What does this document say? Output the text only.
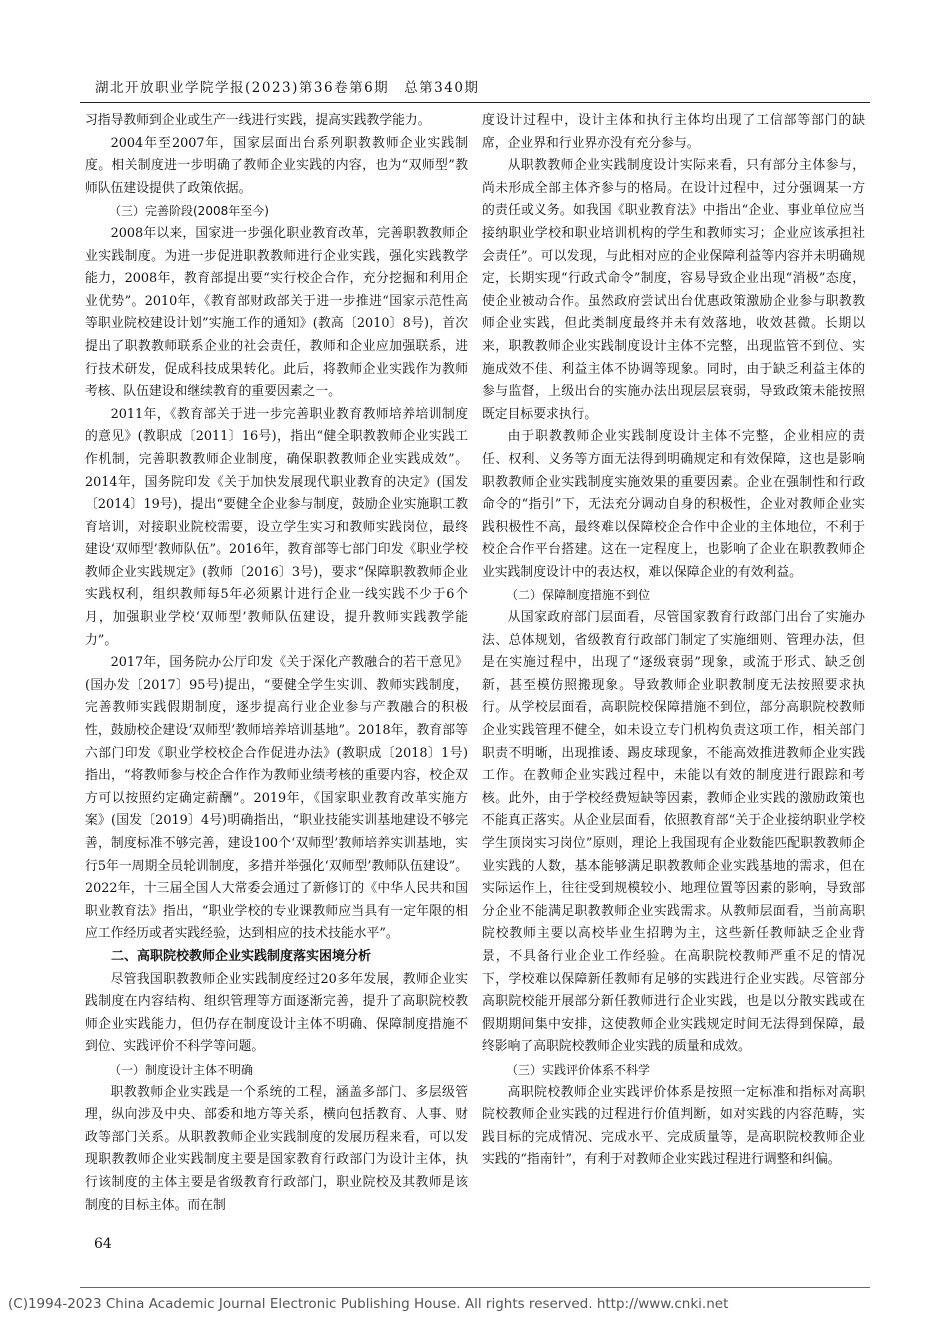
湖北开放职业学院学报(2023)第36卷第6期　总第340期

习指导教师到企业或生产一线进行实践，提高实践教学能力。

2004年至2007年，国家层面出台系列职教教师企业实践制度。相关制度进一步明确了教师企业实践的内容，也为“双师型”教师队伍建设提供了政策依据。

（三）完善阶段(2008年至今)

2008年以来，国家进一步强化职业教育改革，完善职教教师企业实践制度。为进一步促进职教教师进行企业实践，强化实践教学能力，2008年，教育部提出要“实行校企合作，充分挖掘和利用企业优势”。2010年，《教育部财政部关于进一步推进“国家示范性高等职业院校建设计划”实施工作的通知》(教高〔2010〕8号)，首次提出了职教教师联系企业的社会责任，教师和企业应加强联系，进行技术研发，促成科技成果转化。此后，将教师企业实践作为教师考核、队伍建设和继续教育的重要因素之一。

2011年，《教育部关于进一步完善职业教育教师培养培训制度的意见》(教职成〔2011〕16号)，指出“健全职教教师企业实践工作机制，完善职教教师企业制度，确保职教教师企业实践成效”。2014年，国务院印发《关于加快发展现代职业教育的决定》(国发〔2014〕19号)，提出“要健全企业参与制度，鼓励企业实施职工教育培训，对接职业院校需要，设立学生实习和教师实践岗位，最终建设‘双师型’教师队伍”。2016年，教育部等七部门印发《职业学校教师企业实践规定》(教师〔2016〕3号)，要求“保障职教教师企业实践权利，组织教师每5年必须累计进行企业一线实践不少于6个月，加强职业学校‘双师型’教师队伍建设，提升教师实践教学能力”。

2017年，国务院办公厅印发《关于深化产教融合的若干意见》(国办发〔2017〕95号)提出，“要健全学生实训、教师实践制度，完善教师实践假期制度，逐步提高行业企业参与产教融合的积极性，鼓励校企建设‘双师型’教师培养培训基地”。2018年，教育部等六部门印发《职业学校校企合作促进办法》(教职成〔2018〕1号)指出，“将教师参与校企合作作为教师业绩考核的重要内容，校企双方可以按照约定确定薪酬”。2019年，《国家职业教育改革实施方案》(国发〔2019〕4号)明确指出，“职业技能实训基地建设不够完善，制度标准不够完善，建设100个‘双师型’教师培养实训基地，实行5年一周期全员轮训制度，多措并举强化‘双师型’教师队伍建设”。2022年，十三届全国人大常委会通过了新修订的《中华人民共和国职业教育法》指出，“职业学校的专业课教师应当具有一定年限的相应工作经历或者实践经验，达到相应的技术技能水平”。

二、高职院校教师企业实践制度落实困境分析

尽管我国职教教师企业实践制度经过20多年发展，教师企业实践制度在内容结构、组织管理等方面逐渐完善，提升了高职院校教师企业实践能力，但仍存在制度设计主体不明确、保障制度措施不到位、实践评价不科学等问题。

（一）制度设计主体不明确

职教教师企业实践是一个系统的工程，涵盖多部门、多层级管理，纵向涉及中央、部委和地方等关系，横向包括教育、人事、财政等部门关系。从职教教师企业实践制度的发展历程来看，可以发现职教教师企业实践制度主要是国家教育行政部门为设计主体，执行该制度的主体主要是省级教育行政部门，职业院校及其教师是该制度的目标主体。而在制

度设计过程中，设计主体和执行主体均出现了工信部等部门的缺席，企业界和行业界亦没有充分参与。

从职教教师企业实践制度设计实际来看，只有部分主体参与，尚未形成全部主体齐参与的格局。在设计过程中，过分强调某一方的责任或义务。如我国《职业教育法》中指出“企业、事业单位应当接纳职业学校和职业培训机构的学生和教师实习；企业应该承担社会责任”。可以发现，与此相对应的企业保障利益等内容并未明确规定，长期实现“行政式命令”制度，容易导致企业出现“消极”态度，使企业被动合作。虽然政府尝试出台优惠政策激励企业参与职教教师企业实践，但此类制度最终并未有效落地，收效甚微。长期以来，职教教师企业实践制度设计主体不完整，出现监管不到位、实施成效不佳、利益主体不协调等现象。同时，由于缺乏利益主体的参与监督，上级出台的实施办法出现层层衰弱，导致政策未能按照既定目标要求执行。

由于职教教师企业实践制度设计主体不完整，企业相应的责任、权利、义务等方面无法得到明确规定和有效保障，这也是影响职教教师企业实践制度实施效果的重要因素。企业在强制性和行政命令的“指引”下，无法充分调动自身的积极性，企业对教师企业实践积极性不高，最终难以保障校企合作中企业的主体地位，不利于校企合作平台搭建。这在一定程度上，也影响了企业在职教教师企业实践制度设计中的表达权，难以保障企业的有效利益。

（二）保障制度措施不到位

从国家政府部门层面看，尽管国家教育行政部门出台了实施办法、总体规划，省级教育行政部门制定了实施细则、管理办法，但是在实施过程中，出现了“逐级衰弱”现象，或流于形式、缺乏创新，甚至模仿照搬现象。导致教师企业职教制度无法按照要求执行。从学校层面看，高职院校保障措施不到位，部分高职院校教师企业实践管理不健全，如未设立专门机构负责这项工作，相关部门职责不明晰，出现推诿、踢皮球现象，不能高效推进教师企业实践工作。在教师企业实践过程中，未能以有效的制度进行跟踪和考核。此外，由于学校经费短缺等因素，教师企业实践的激励政策也不能真正落实。从企业层面看，依照教育部“关于企业接纳职业学校学生顶岗实习岗位”原则，理论上我国现有企业数能匹配职教教师企业实践的人数，基本能够满足职教教师企业实践基地的需求，但在实际运作上，往往受到规模较小、地理位置等因素的影响，导致部分企业不能满足职教教师企业实践需求。从教师层面看，当前高职院校教师主要以高校毕业生招聘为主，这些新任教师缺乏企业背景，不具备行业企业工作经验。在高职院校教师严重不足的情况下，学校难以保障新任教师有足够的实践进行企业实践。尽管部分高职院校能开展部分新任教师进行企业实践，也是以分散实践或在假期期间集中安排，这使教师企业实践规定时间无法得到保障，最终影响了高职院校教师企业实践的质量和成效。

（三）实践评价体系不科学

高职院校教师企业实践评价体系是按照一定标准和指标对高职院校教师企业实践的过程进行价值判断，如对实践的内容范畴，实践目标的完成情况、完成水平、完成质量等，是高职院校教师企业实践的“指南针”，有利于对教师企业实践过程进行调整和纠偏。

64
(C)1994-2023 China Academic Journal Electronic Publishing House. All rights reserved. http://www.cnki.net
